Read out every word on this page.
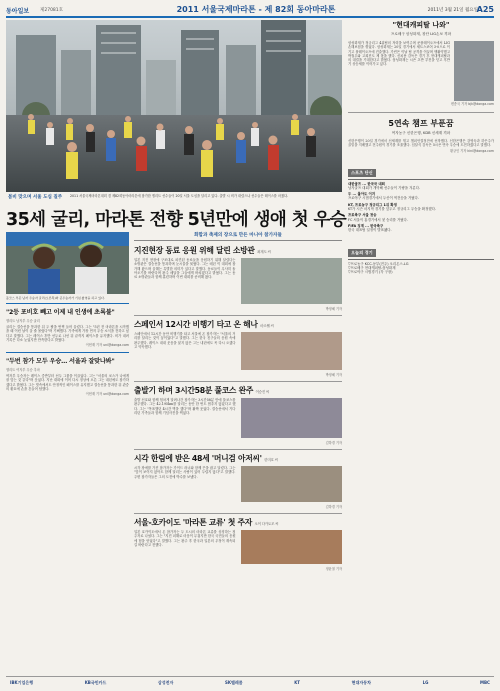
동아일보 제27081호	2011 서울국제마라톤 - 제 82회 동아마라톤	2011년 3월 21일 월요일
A25
봄비 맞으며 서울 도심 질주	2011 서울국제마라톤대회 겸 제82회동아마라톤에 참가한 엘리트 선수들이 20일 서울 도심을 달리고 있다. 출발 시 비가 내렸으나 선수들은 레이스를 마쳤다.
35세 굴리, 마라톤 전향 5년만에 생애 첫 우승
"현대캐피탈 나와"
프로배구 삼성화재, 창단 LIG손보 격파
삼성화재가 정규리그 4위팀의 저력을 보여주며 준플레이오프에서 LIG손해보험을 꺾었다. 삼성화재는 20일 경기에서 세트스코어 3-0으로 이기고 플레이오프에 진출했다. 가빈은 이날 팀 공격을 이끌며 맹활약했고 박철우와 고희진도 제 몫을 했다. 신치용 감독은 경기 후 현대캐피탈과의 대결을 기대한다고 밝혔다. 삼성화재는 시즌 초반 부진을 딛고 후반기 상승세를 이어가고 있다.
변종국 기자 bjk@donga.com
5연속 챔프 부푼꿈
여자농구 신한은행, KDB 신세계 격파
신한은행이 20일 경기에서 신세계를 꺾고 챔피언결정전에 선착했다. 신한은행은 강영숙과 하은주가 골밑을 지배했고 전주원이 경기를 조율했다. 임달식 감독은 5시즌 연속 우승에 도전하겠다고 말했다.
황규인 기자 kini@donga.com
스포츠 단신
대한골프 ... 한국국 대회
남자골프 대회가 개막해 선수들이 기량을 겨룬다.
두 ... 몰아도 이겨
프로야구 시범경기에서 두산이 역전승을 거뒀다.
KT, 프로농구 정규리그 1위 확정
KT가 시즌 마지막 경기를 앞두고 정규리그 우승을 확정했다.
프로축구 서울 첫승
FC 서울이 홈경기에서 첫 승리를 거뒀다.
FIFA 징계 ... 한국축구
한국 대표팀 일정이 발표됐다.
오늘의 경기
▽프로농구 KCC-동부(전주) 오리온스-LG
▽프로배구 현대캐피탈-삼성화재
▽프로야구 시범경기 (각 구장)
풀코스 부문 남자 우승자 굴리(오른쪽)와 준우승자가 기념 촬영을 하고 있다.
"2등 포비호 빼고 이제 내 인생에 초록불"
엘리트 남자부 우승 굴리
굴리는 결승선을 통과한 뒤 두 팔을 번쩍 들어 올렸다. 그는 "5년 전 마라톤을 시작했을 때 이런 날이 올 줄 몰랐다"며 기뻐했다. 가족에게 가장 먼저 우승 소식을 전하고 싶다고 말했다. 그는 레이스 후반 선두로 나선 뒤 끝까지 페이스를 유지했다. 비가 내려 기록은 다소 늦었지만 만족한다고 밝혔다.
이헌재 기자 uni@donga.com
"두번 참가 모두 우승… 서울과 잘맞나봐"
엘리트 여자부 우승 추마
여자부 우승자는 레이스 중반부터 선두 그룹을 이끌었다. 그는 "서울의 코스가 나에게 잘 맞는 것 같다"며 웃었다. 지난 대회에 이어 다시 정상에 오른 그는 내년에도 참가하겠다고 밝혔다. 그는 빗속에서도 안정적인 페이스를 유지했고 결승선을 통과한 뒤 관중의 환호에 손을 흔들어 답했다.
이헌재 기자 uni@donga.com
화합과 축제의 장으로 만든 마니아 참가자들
지진현장 동료 응원 위해 달린 소방관 최재도 씨
일본 지진 현장에 구조대로 파견된 동료들을 응원하기 위해 달렸다는 소방관은 결승선을 통과하며 눈시울을 붉혔다. 그는 매년 이 대회에 참가해 왔으며 올해는 특별한 의미가 있다고 말했다. 동료들이 무사히 돌아오기를 바란다며 완주 메달을 그들에게 바치겠다고 밝혔다. 그는 동료 소방관들과 함께 훈련하며 이번 대회를 준비해 왔다.
박정혜 기자
스페인서 12시간 비행기 타고 온 해나 마르쎌 씨
스페인에서 12시간 동안 비행기를 타고 서울에 온 참가자는 "서울의 거리를 달리는 것이 꿈이었다"고 말했다. 그는 한국 친구들의 응원 속에 완주했다. 레이스 내내 웃음을 잃지 않은 그는 내년에도 꼭 다시 오겠다고 약속했다.
박정혜 기자
출발기 하며 3시간58분 풀코스 완주 이승진 씨
출발 신호와 함께 힘차게 달려나간 참가자는 3시간58분 만에 풀코스를 완주했다. 그는 42.195km를 달리는 동안 한 번도 멈추지 않았다고 했다. 그는 "목표했던 4시간 벽을 깼다"며 활짝 웃었다. 결승선에서 기다리던 가족들과 함께 기념사진을 찍었다.
김하경 기자
시각 한림에 받은 48세 '머니검 아저씨' 한미호 씨
시각 장애를 가진 참가자는 가이드 러너와 함께 끈을 잡고 달렸다. 그는 "앞이 보이지 않아도 함께 달리는 사람이 있어 두렵지 않다"고 말했다. 주변 참가자들은 그의 도전에 박수를 보냈다.
김하경 기자
서울-호카이도 '마라톤 교류' 첫 주자 오이 다카토모 씨
일본 호카이도에서 온 참가자는 두 도시의 마라톤 교류를 상징하는 첫 주자로 나섰다. 그는 "지진 피해로 마음이 무겁지만 한국 국민들의 응원에 힘을 얻었다"고 말했다. 그는 완주 후 한국과 일본의 우정이 계속되길 바란다고 전했다.
정윤철 기자
IBK기업은행	KB국민카드	삼성전자	SK텔레콤	KT	현대자동차	LG	MBC
